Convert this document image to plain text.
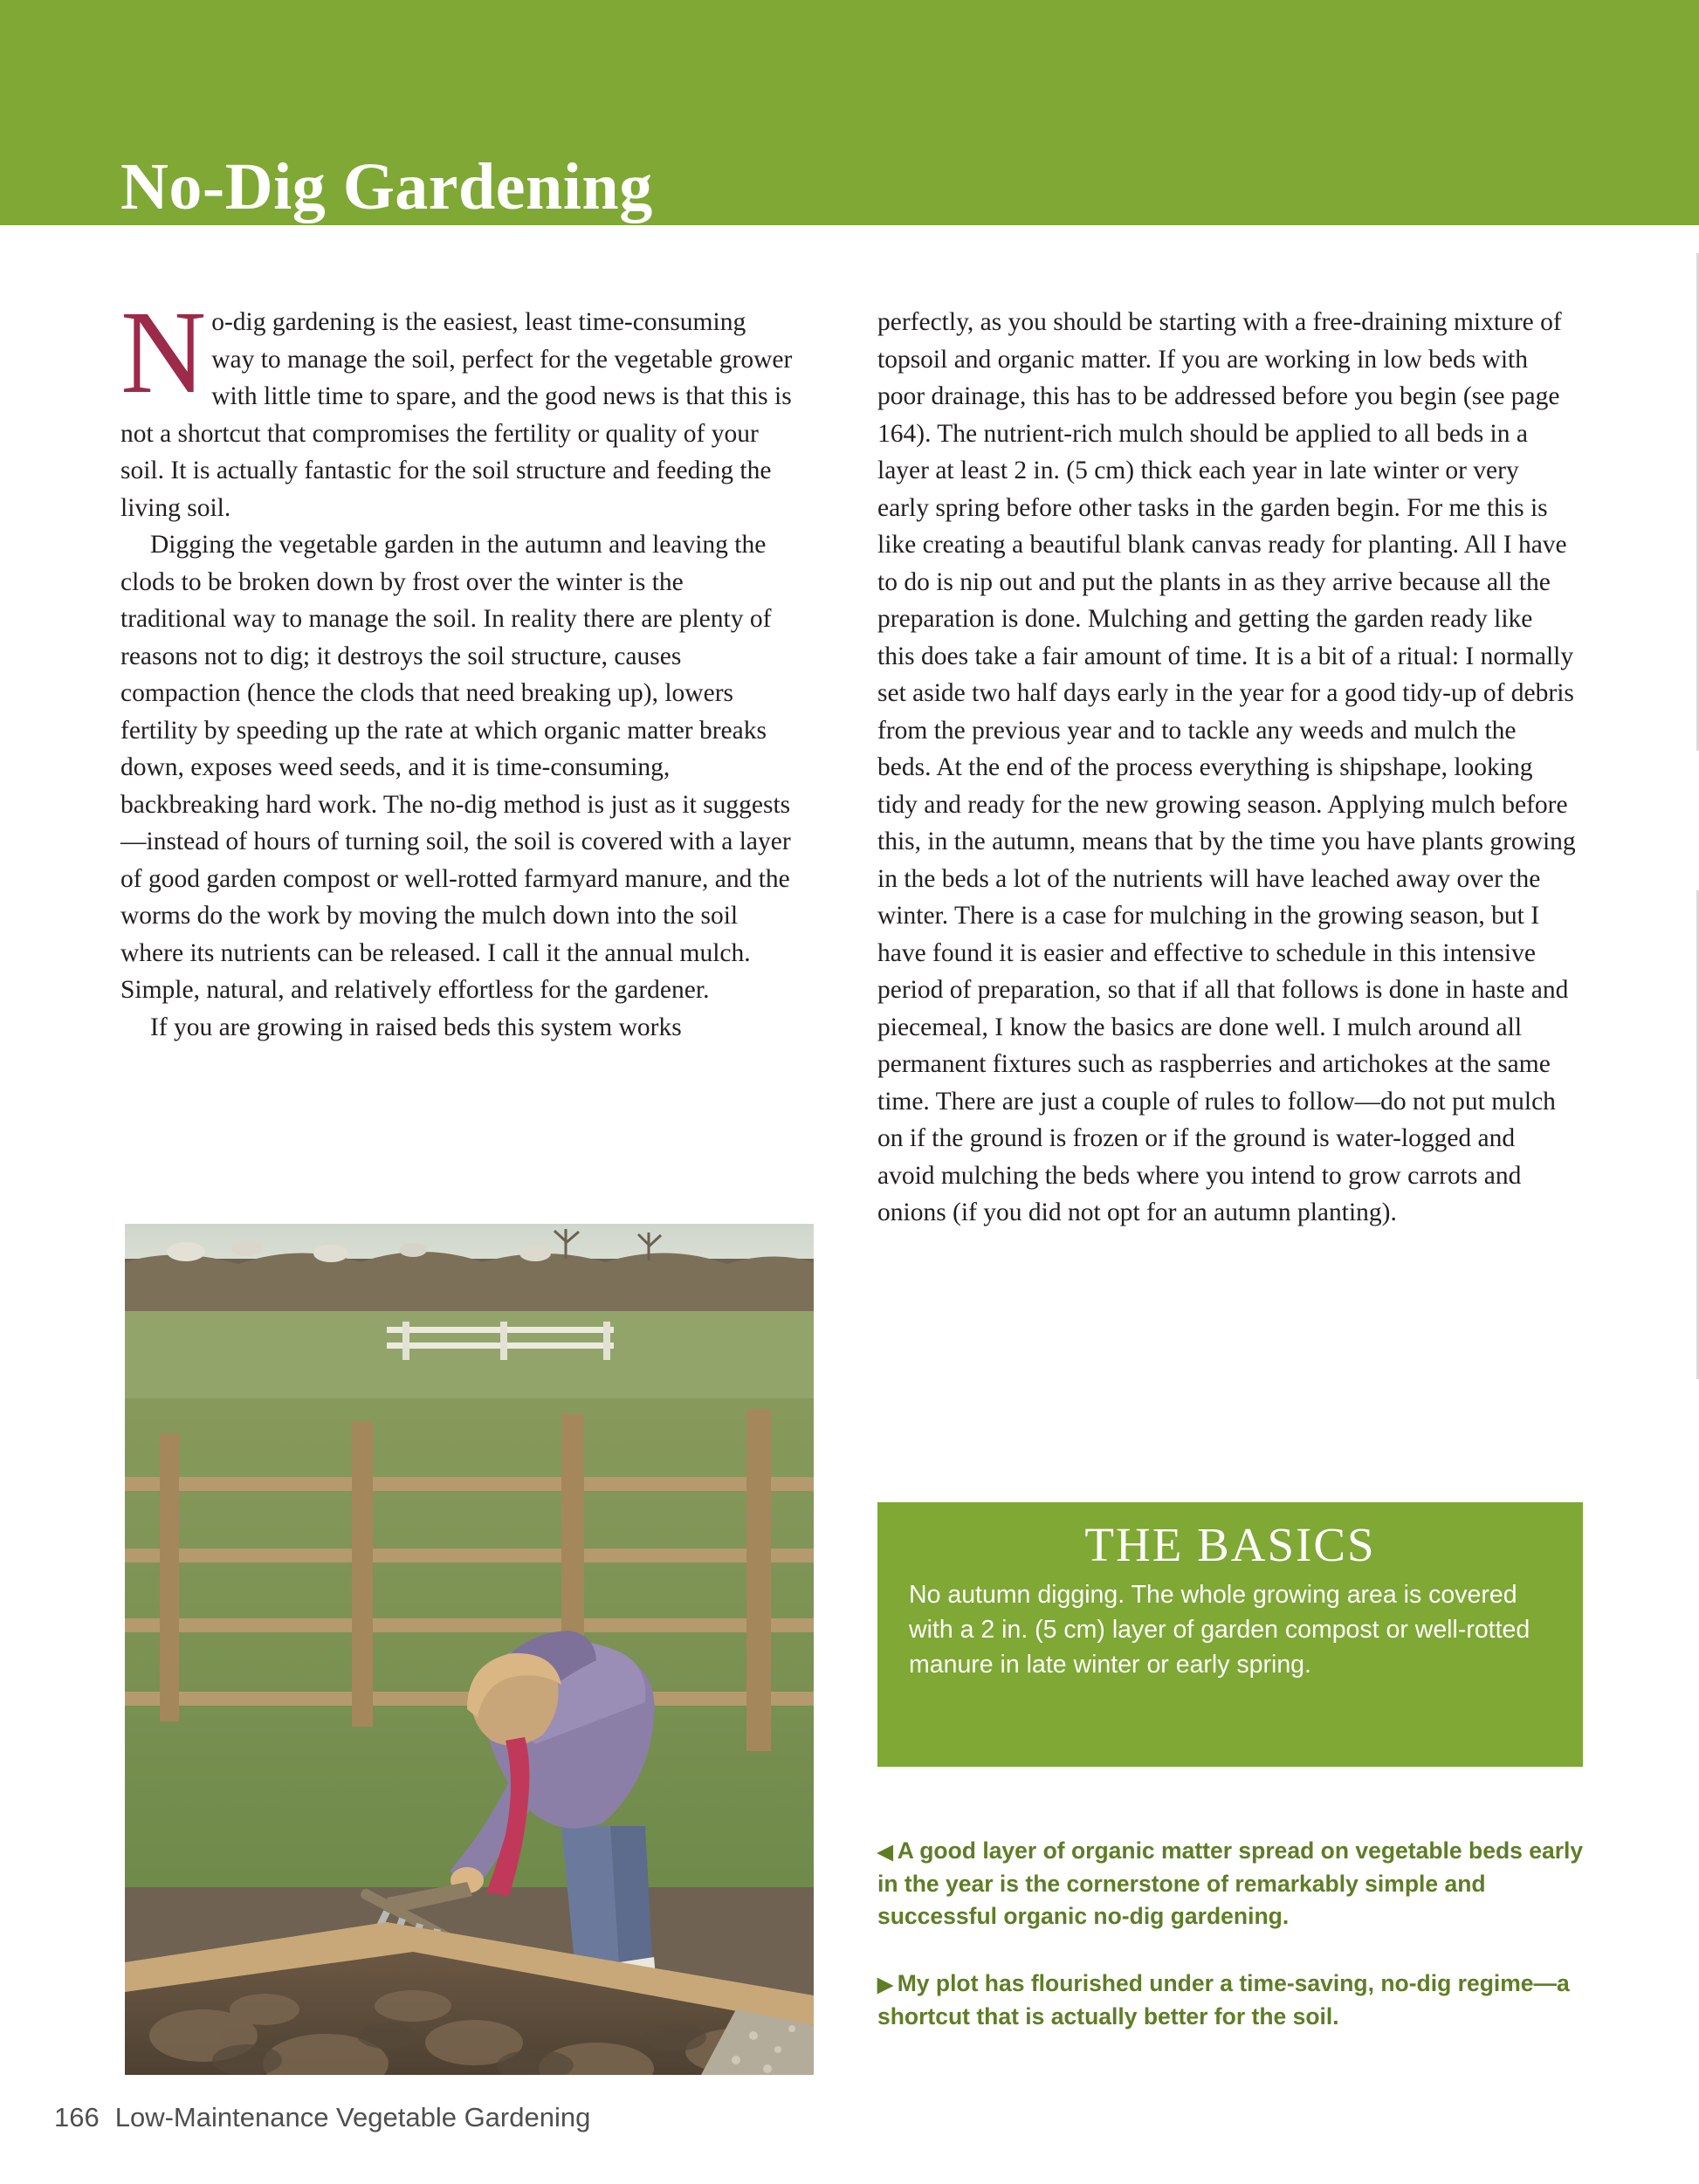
No-Dig Gardening

No-dig gardening is the easiest, least time-consuming way to manage the soil, perfect for the vegetable grower with little time to spare, and the good news is that this is not a shortcut that compromises the fertility or quality of your soil. It is actually fantastic for the soil structure and feeding the living soil.

Digging the vegetable garden in the autumn and leaving the clods to be broken down by frost over the winter is the traditional way to manage the soil. In reality there are plenty of reasons not to dig; it destroys the soil structure, causes compaction (hence the clods that need breaking up), lowers fertility by speeding up the rate at which organic matter breaks down, exposes weed seeds, and it is time-consuming, backbreaking hard work. The no-dig method is just as it suggests—instead of hours of turning soil, the soil is covered with a layer of good garden compost or well-rotted farmyard manure, and the worms do the work by moving the mulch down into the soil where its nutrients can be released. I call it the annual mulch. Simple, natural, and relatively effortless for the gardener.

If you are growing in raised beds this system works

perfectly, as you should be starting with a free-draining mixture of topsoil and organic matter. If you are working in low beds with poor drainage, this has to be addressed before you begin (see page 164). The nutrient-rich mulch should be applied to all beds in a layer at least 2 in. (5 cm) thick each year in late winter or very early spring before other tasks in the garden begin. For me this is like creating a beautiful blank canvas ready for planting. All I have to do is nip out and put the plants in as they arrive because all the preparation is done. Mulching and getting the garden ready like this does take a fair amount of time. It is a bit of a ritual: I normally set aside two half days early in the year for a good tidy-up of debris from the previous year and to tackle any weeds and mulch the beds. At the end of the process everything is shipshape, looking tidy and ready for the new growing season. Applying mulch before this, in the autumn, means that by the time you have plants growing in the beds a lot of the nutrients will have leached away over the winter. There is a case for mulching in the growing season, but I have found it is easier and effective to schedule in this intensive period of preparation, so that if all that follows is done in haste and piecemeal, I know the basics are done well. I mulch around all permanent fixtures such as raspberries and artichokes at the same time. There are just a couple of rules to follow—do not put mulch on if the ground is frozen or if the ground is water-logged and avoid mulching the beds where you intend to grow carrots and onions (if you did not opt for an autumn planting).

THE BASICS
No autumn digging. The whole growing area is covered with a 2 in. (5 cm) layer of garden compost or well-rotted manure in late winter or early spring.
◀ A good layer of organic matter spread on vegetable beds early in the year is the cornerstone of remarkably simple and successful organic no-dig gardening.
▶ My plot has flourished under a time-saving, no-dig regime—a shortcut that is actually better for the soil.
166 Low-Maintenance Vegetable Gardening
